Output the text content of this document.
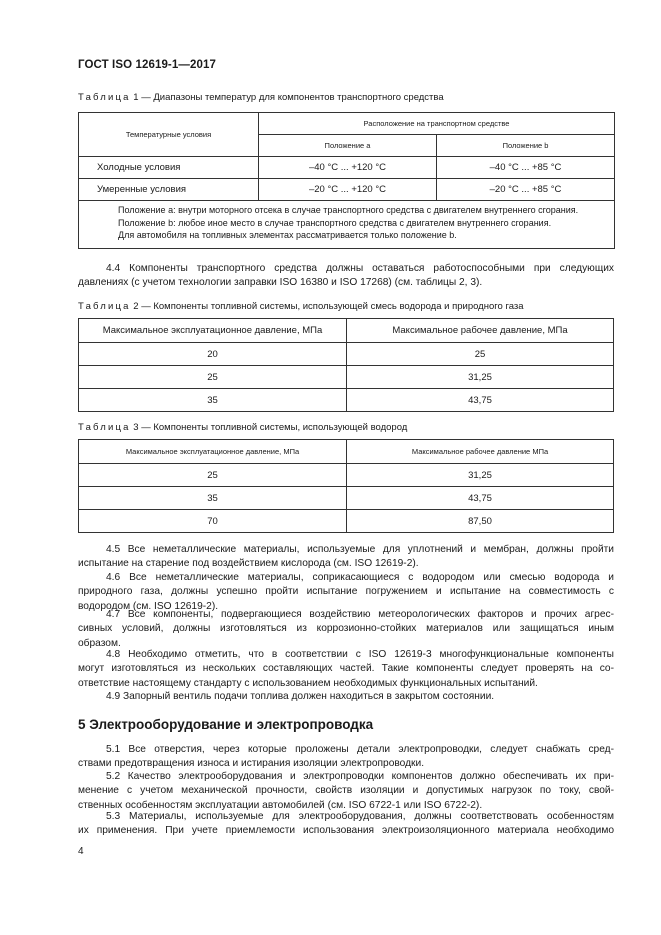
ГОСТ ISO 12619-1—2017
Таблица 1 — Диапазоны температур для компонентов транспортного средства
Температурные условия	Расположение на транспортном средстве	
	Положение a	Положение b
Холодные условия	–40 °C ... +120 °C	–40 °C ... +85 °C
Умеренные условия	–20 °C ... +120 °C	–20 °C ... +85 °C

Положение a: внутри моторного отсека в случае транспортного средства с двигателем внутреннего сгорания.
Положение b: любое иное место в случае транспортного средства с двигателем внутреннего сгорания.
Для автомобиля на топливных элементах рассматривается только положение b.		
4.4 Компоненты транспортного средства должны оставаться работоспособными при следующих
давлениях (с учетом технологии заправки ISO 16380 и ISO 17268) (см. таблицы 2, 3).
Таблица 2 — Компоненты топливной системы, использующей смесь водорода и природного газа
Максимальное эксплуатационное давление, МПа	Максимальное рабочее давление, МПа
20	25
25	31,25
35	43,75
Таблица 3 — Компоненты топливной системы, использующей водород
Максимальное эксплуатационное давление, МПа	Максимальное рабочее давление МПа
25	31,25
35	43,75
70	87,50
4.5 Все неметаллические материалы, используемые для уплотнений и мембран, должны пройти
испытание на старение под воздействием кислорода (см. ISO 12619-2).
4.6 Все неметаллические материалы, соприкасающиеся с водородом или смесью водорода и
природного газа, должны успешно пройти испытание погружением и испытание на совместимость с
водородом (см. ISO 12619-2).
4.7 Все компоненты, подвергающиеся воздействию метеорологических факторов и прочих агрес-
сивных условий, должны изготовляться из коррозионно-стойких материалов или защищаться иным
образом.
4.8 Необходимо отметить, что в соответствии с ISO 12619-3 многофункциональные компоненты
могут изготовляться из нескольких составляющих частей. Такие компоненты следует проверять на со-
ответствие настоящему стандарту с использованием необходимых функциональных испытаний.
4.9 Запорный вентиль подачи топлива должен находиться в закрытом состоянии.
5 Электрооборудование и электропроводка
5.1 Все отверстия, через которые проложены детали электропроводки, следует снабжать сред-
ствами предотвращения износа и истирания изоляции электропроводки.
5.2 Качество электрооборудования и электропроводки компонентов должно обеспечивать их при-
менение с учетом механической прочности, свойств изоляции и допустимых нагрузок по току, свой-
ственных особенностям эксплуатации автомобилей (см. ISO 6722-1 или ISO 6722-2).
5.3 Материалы, используемые для электрооборудования, должны соответствовать особенностям
их применения. При учете приемлемости использования электроизоляционного материала необходимо
4
